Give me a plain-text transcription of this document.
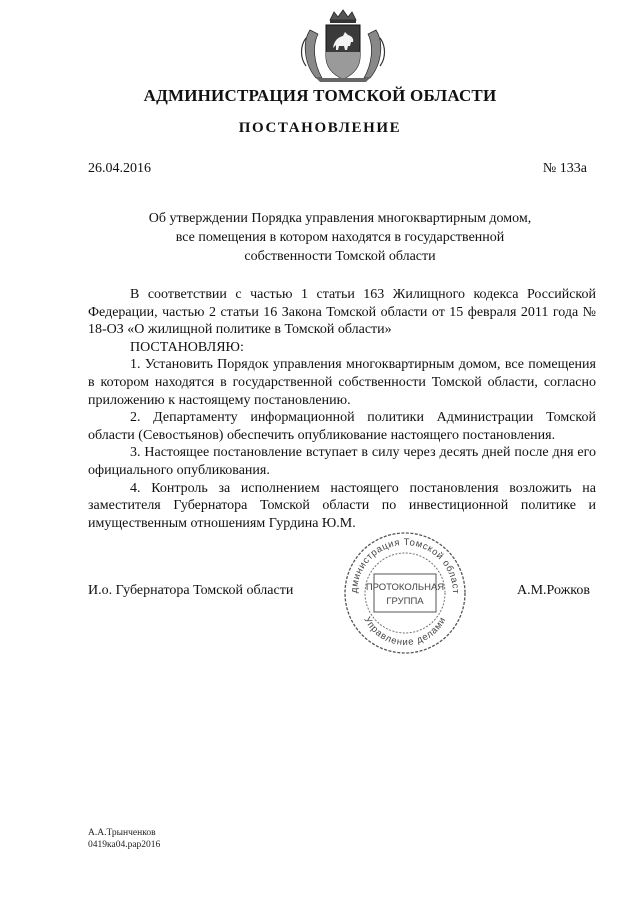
АДМИНИСТРАЦИЯ ТОМСКОЙ ОБЛАСТИ
ПОСТАНОВЛЕНИЕ
26.04.2016	№ 133а
Об утверждении Порядка управления многоквартирным домом,
все помещения в котором находятся в государственной
собственности Томской области

В соответствии с частью 1 статьи 163 Жилищного кодекса Российской Федерации, частью 2 статьи 16 Закона Томской области от 15 февраля 2011 года № 18-ОЗ «О жилищной политике в Томской области»

ПОСТАНОВЛЯЮ:

1. Установить Порядок управления многоквартирным домом, все помещения в котором находятся в государственной собственности Томской области, согласно приложению к настоящему постановлению.

2. Департаменту информационной политики Администрации Томской области (Севостьянов) обеспечить опубликование настоящего постановления.

3. Настоящее постановление вступает в силу через десять дней после дня его официального опубликования.

4. Контроль за исполнением настоящего постановления возложить на заместителя Губернатора Томской области по инвестиционной политике и имущественным отношениям Гурдина Ю.М.

И.о. Губернатора Томской области	А.М.Рожков
дминистрация Томской област
Управление делами
ПРОТОКОЛЬНАЯ
ГРУППА
А.А.Трынченков
0419ка04.рар2016
